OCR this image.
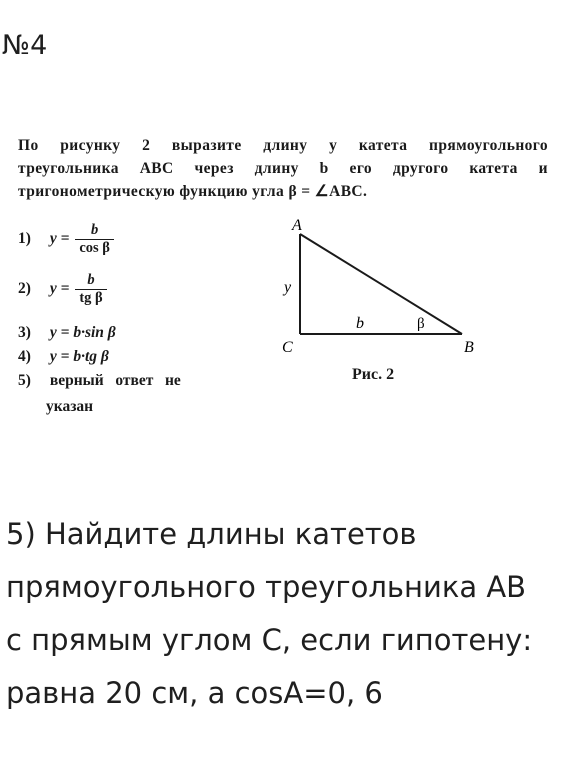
№4
По рисунку 2 выразите длину y катета прямоугольного
треугольника ABC через длину b его другого катета и
тригонометрическую функцию угла β = ∠ABC.
1) $y = \frac{b}{\text{cos β}}$
2) $y = \frac{b}{\text{tg β}}$
3) y = b·sin β
4) y = b·tg β
5) верный   ответ   не
указан
A
B
C
y
b	β
Рис. 2
5) Найдите длины катетов
прямоугольного треугольника АВ
с прямым углом С, если гипотену:
равна 20 см, а cosA=0, 6
